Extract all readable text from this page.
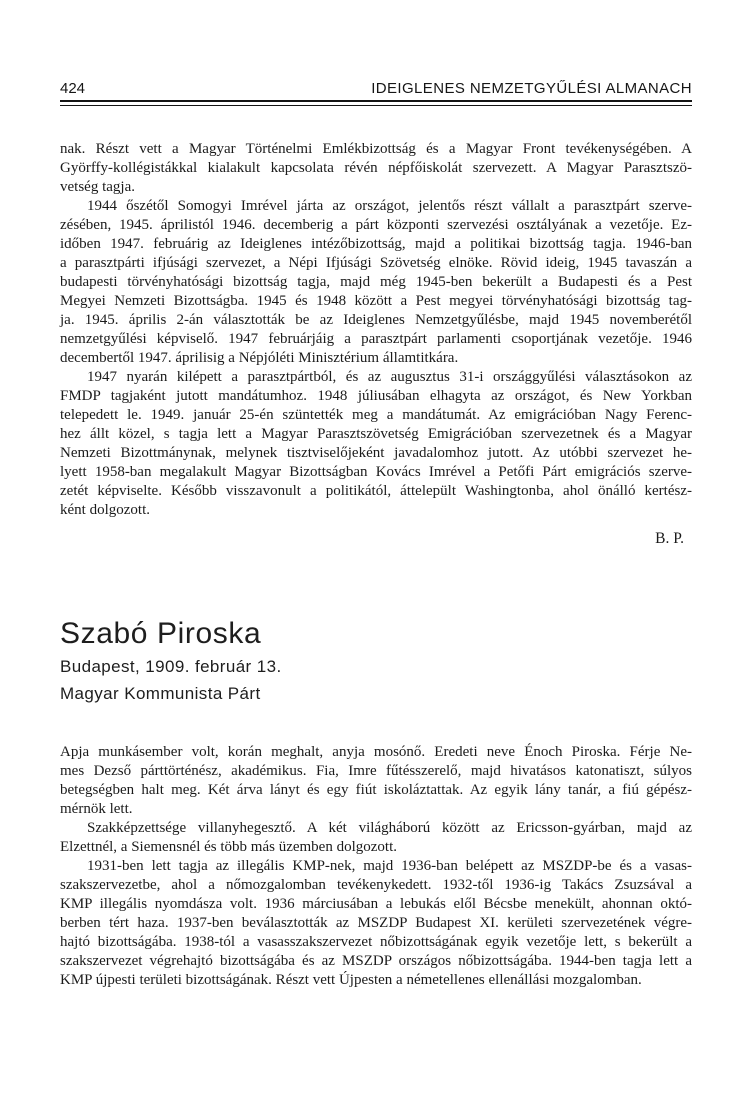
424	IDEIGLENES NEMZETGYŰLÉSI ALMANACH
nak. Részt vett a Magyar Történelmi Emlékbizottság és a Magyar Front tevékenységében. A
Györffy-kollégistákkal kialakult kapcsolata révén népfőiskolát szervezett. A Magyar Parasztszö-
vetség tagja.
1944 őszétől Somogyi Imrével járta az országot, jelentős részt vállalt a parasztpárt szerve-
zésében, 1945. áprilistól 1946. decemberig a párt központi szervezési osztályának a vezetője. Ez-
időben 1947. februárig az Ideiglenes intézőbizottság, majd a politikai bizottság tagja. 1946-ban
a parasztpárti ifjúsági szervezet, a Népi Ifjúsági Szövetség elnöke. Rövid ideig, 1945 tavaszán a
budapesti törvényhatósági bizottság tagja, majd még 1945-ben bekerült a Budapesti és a Pest
Megyei Nemzeti Bizottságba. 1945 és 1948 között a Pest megyei törvényhatósági bizottság tag-
ja. 1945. április 2-án választották be az Ideiglenes Nemzetgyűlésbe, majd 1945 novemberétől
nemzetgyűlési képviselő. 1947 februárjáig a parasztpárt parlamenti csoportjának vezetője. 1946
decembertől 1947. áprilisig a Népjóléti Minisztérium államtitkára.
1947 nyarán kilépett a parasztpártból, és az augusztus 31-i országgyűlési választásokon az
FMDP tagjaként jutott mandátumhoz. 1948 júliusában elhagyta az országot, és New Yorkban
telepedett le. 1949. január 25-én szüntették meg a mandátumát. Az emigrációban Nagy Ferenc-
hez állt közel, s tagja lett a Magyar Parasztszövetség Emigrációban szervezetnek és a Magyar
Nemzeti Bizottmánynak, melynek tisztviselőjeként javadalomhoz jutott. Az utóbbi szervezet he-
lyett 1958-ban megalakult Magyar Bizottságban Kovács Imrével a Petőfi Párt emigrációs szerve-
zetét képviselte. Később visszavonult a politikától, áttelepült Washingtonba, ahol önálló kertész-
ként dolgozott.
B. P.
Szabó Piroska
Budapest, 1909. február 13.
Magyar Kommunista Párt
Apja munkásember volt, korán meghalt, anyja mosónő. Eredeti neve Énoch Piroska. Férje Ne-
mes Dezső párttörténész, akadémikus. Fia, Imre fűtésszerelő, majd hivatásos katonatiszt, súlyos
betegségben halt meg. Két árva lányt és egy fiút iskoláztattak. Az egyik lány tanár, a fiú gépész-
mérnök lett.
Szakképzettsége villanyhegesztő. A két világháború között az Ericsson-gyárban, majd az
Elzettnél, a Siemensnél és több más üzemben dolgozott.
1931-ben lett tagja az illegális KMP-nek, majd 1936-ban belépett az MSZDP-be és a vasas-
szakszervezetbe, ahol a nőmozgalomban tevékenykedett. 1932-től 1936-ig Takács Zsuzsával a
KMP illegális nyomdásza volt. 1936 márciusában a lebukás elől Bécsbe menekült, ahonnan októ-
berben tért haza. 1937-ben beválasztották az MSZDP Budapest XI. kerületi szervezetének végre-
hajtó bizottságába. 1938-tól a vasasszakszervezet nőbizottságának egyik vezetője lett, s bekerült a
szakszervezet végrehajtó bizottságába és az MSZDP országos nőbizottságába. 1944-ben tagja lett a
KMP újpesti területi bizottságának. Részt vett Újpesten a németellenes ellenállási mozgalomban.
